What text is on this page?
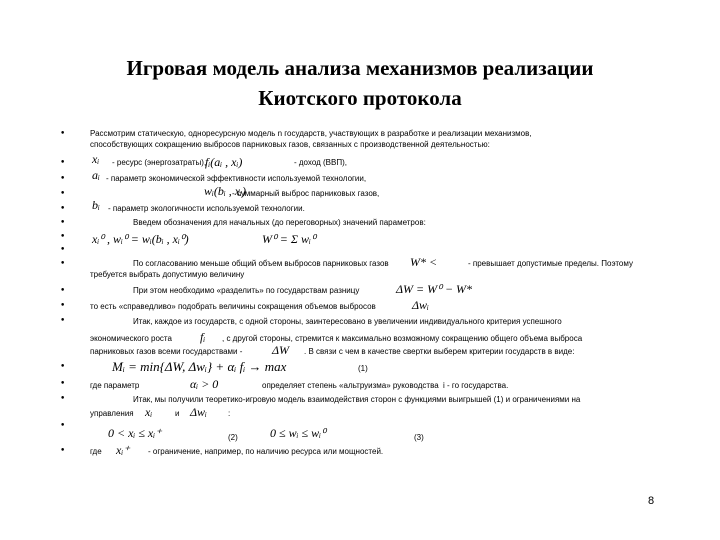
Игровая модель анализа механизмов реализации
Киотского протокола
•
•
•
•
•
•
•
•
•
•
•
•
•
•
•
•
•
Рассмотрим статическую, одноресурсную модель n государств, участвующих в разработке и реализации механизмов,
способствующих сокращению выбросов парниковых газов, связанных с производственной деятельностью:
xᵢ - ресурс (энергозатраты),
fᵢ(aᵢ , xᵢ)	- доход (ВВП),
aᵢ - параметр экономической эффективности используемой технологии,
wᵢ(bᵢ , xᵢ)
- суммарный выброс парниковых газов,
bᵢ - параметр экологичности используемой технологии.
Введем обозначения для начальных (до переговорных) значений параметров:
xᵢ⁰ , wᵢ⁰ = wᵢ(bᵢ , xᵢ⁰)	W⁰ = Σ wᵢ⁰
По согласованию меньше общий объем выбросов парниковых газов W* <	- превышает допустимые пределы. Поэтому
требуется выбрать допустимую величину
При этом необходимо «разделить» по государствам разницу	ΔW = W⁰ − W*
то есть «справедливо» подобрать величины сокращения объемов выбросов	Δwᵢ
Итак, каждое из государств, с одной стороны, заинтересовано в увеличении индивидуального критерия успешного
экономического роста fᵢ , с другой стороны, стремится к максимально возможному сокращению общего объема выброса
парниковых газов всеми государствами - ΔW . В связи с чем в качестве свертки выберем критерии государств в виде:
Mᵢ = min{ΔW, Δwᵢ} + αᵢ fᵢ → max	(1)
где параметр	αᵢ > 0	определяет степень «альтруизма» руководства i - го государства.
Итак, мы получили теоретико-игровую модель взаимодействия сторон с функциями выигрышей (1) и ограничениями на
управления xᵢ	и Δwᵢ	:
0 < xᵢ ≤ xᵢ⁺	(2)	0 ≤ wᵢ ≤ wᵢ⁰	(3)
где xᵢ⁺ - ограничение, например, по наличию ресурса или мощностей.
8
